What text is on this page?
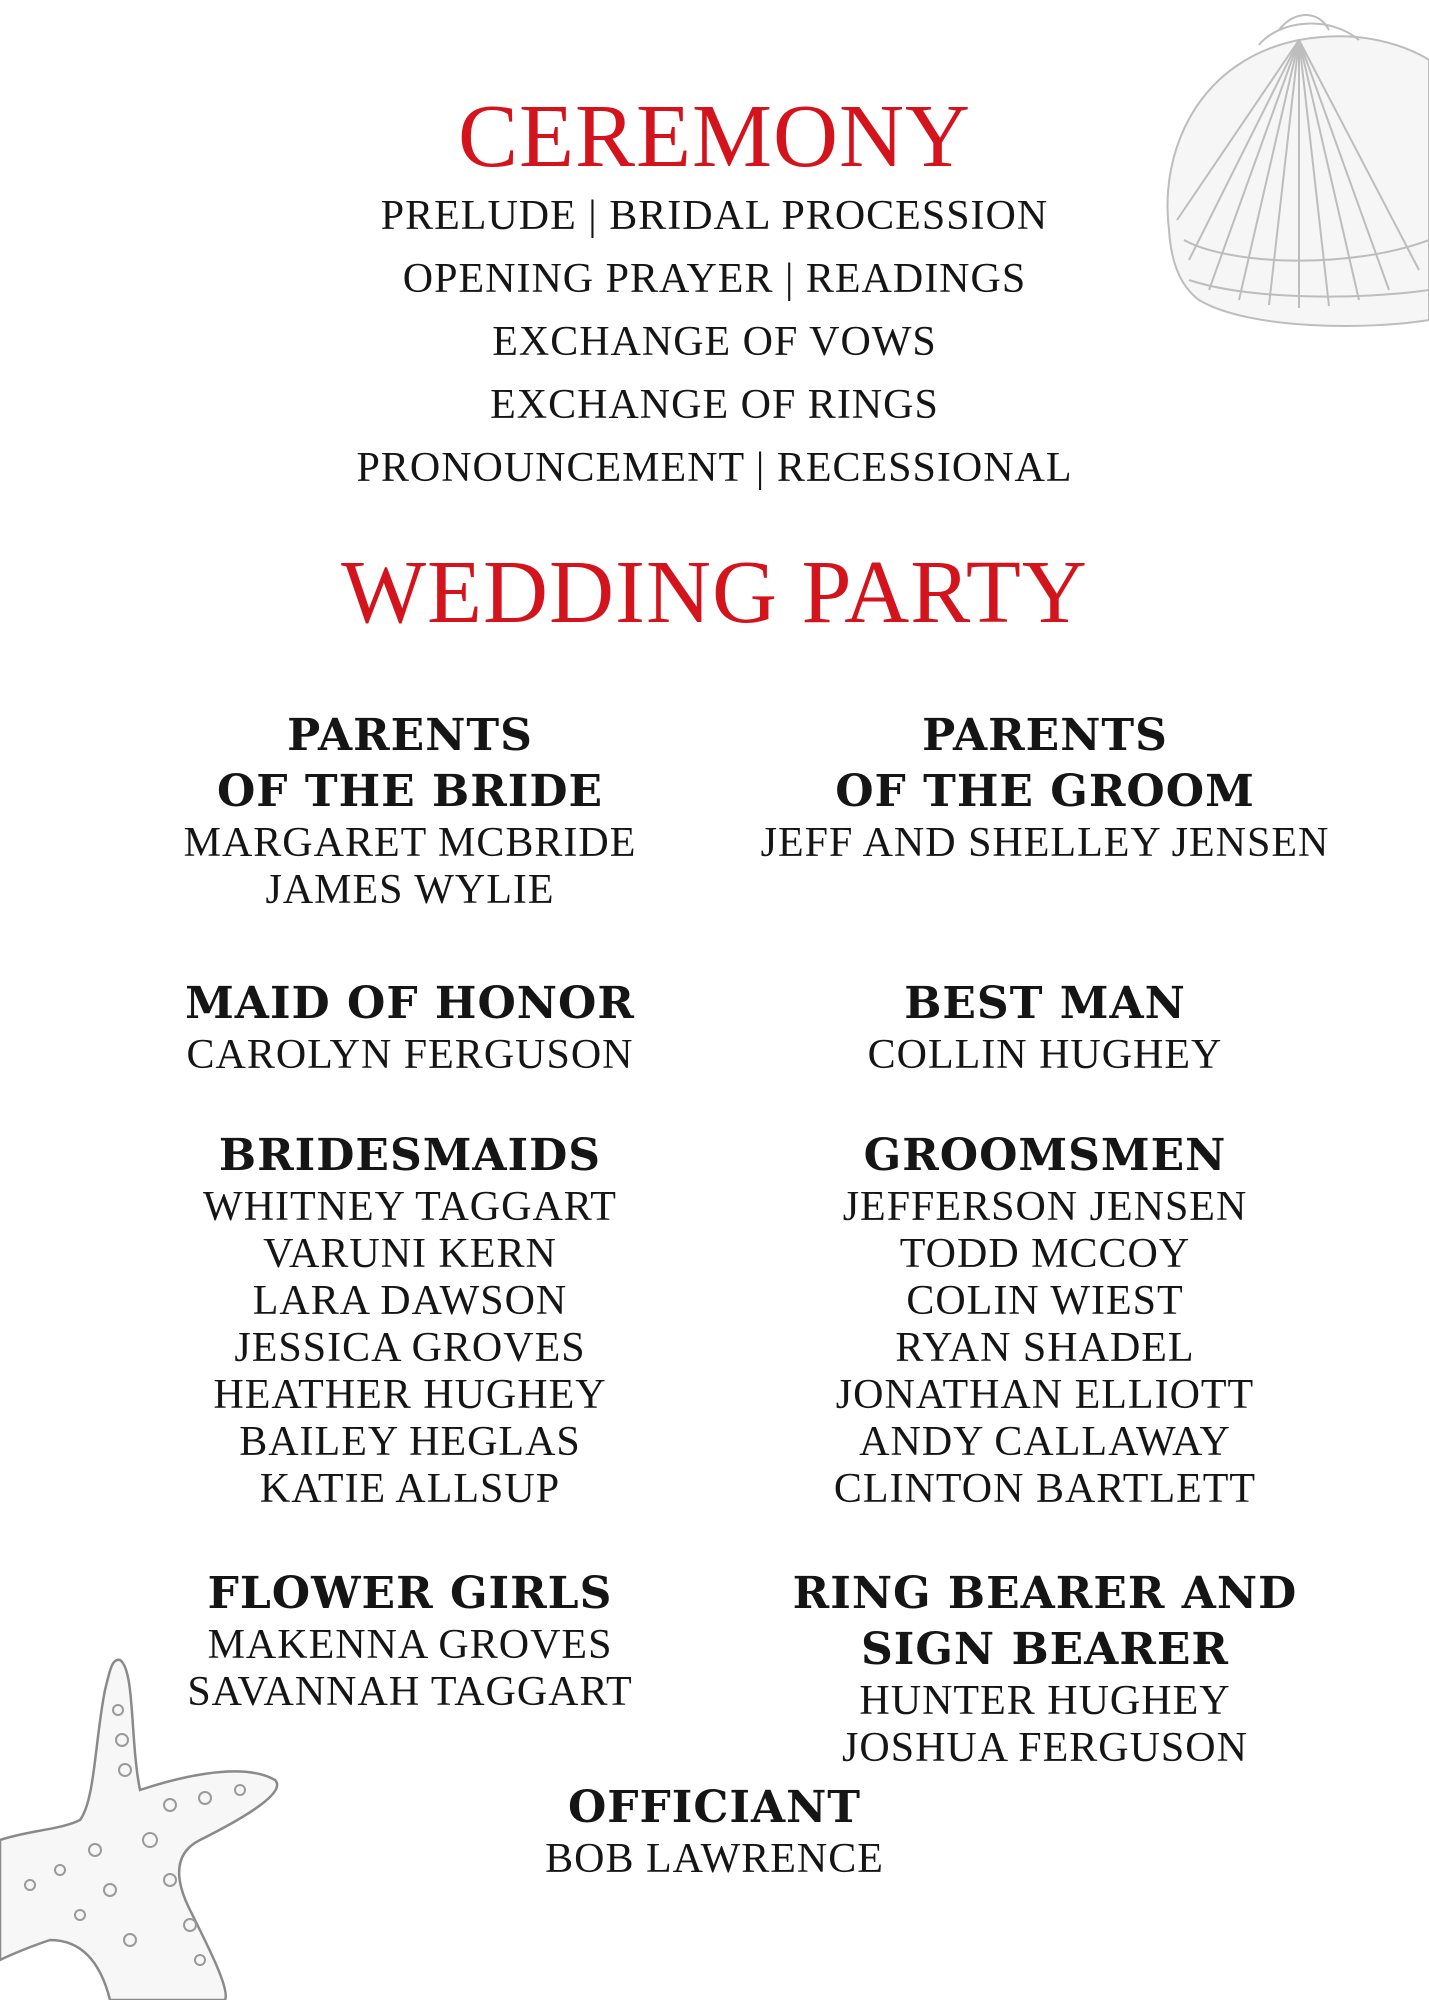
CEREMONY
PRELUDE | BRIDAL PROCESSION
OPENING PRAYER | READINGS
EXCHANGE OF VOWS
EXCHANGE OF RINGS
PRONOUNCEMENT | RECESSIONAL
WEDDING PARTY
PARENTS
OF THE BRIDE
MARGARET MCBRIDE
JAMES WYLIE
PARENTS
OF THE GROOM
JEFF AND SHELLEY JENSEN
MAID OF HONOR
CAROLYN FERGUSON
BEST MAN
COLLIN HUGHEY
BRIDESMAIDS
WHITNEY TAGGART
VARUNI KERN
LARA DAWSON
JESSICA GROVES
HEATHER HUGHEY
BAILEY HEGLAS
KATIE ALLSUP
GROOMSMEN
JEFFERSON JENSEN
TODD MCCOY
COLIN WIEST
RYAN SHADEL
JONATHAN ELLIOTT
ANDY CALLAWAY
CLINTON BARTLETT
FLOWER GIRLS
MAKENNA GROVES
SAVANNAH TAGGART
RING BEARER AND
SIGN BEARER
HUNTER HUGHEY
JOSHUA FERGUSON
OFFICIANT
BOB LAWRENCE
